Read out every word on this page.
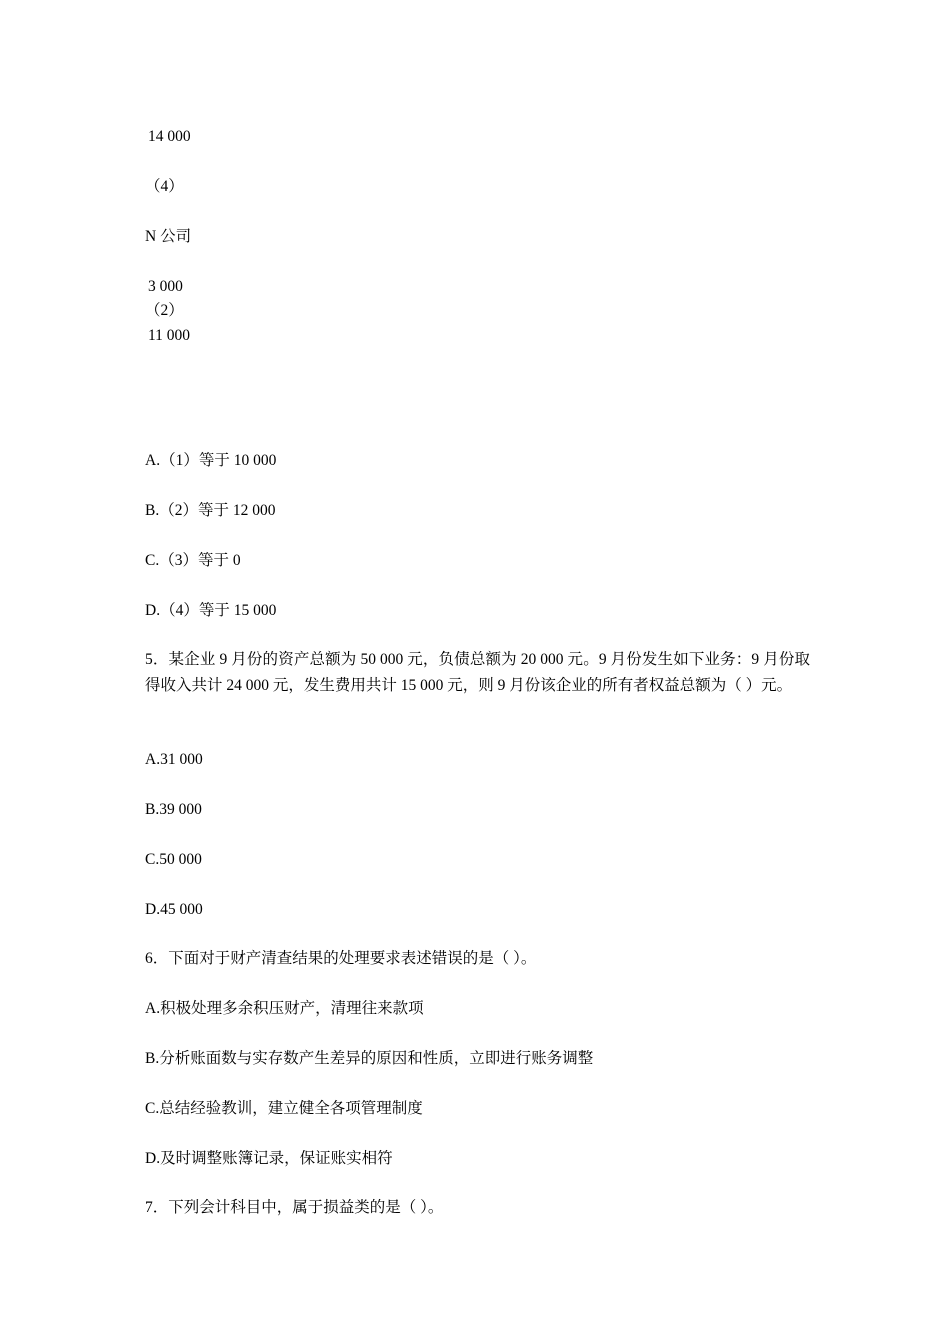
14 000
（4）
N 公司
3 000
（2）
11 000
A.（1）等于 10 000
B.（2）等于 12 000
C.（3）等于 0
D.（4）等于 15 000
5．某企业 9 月份的资产总额为 50 000 元，负债总额为 20 000 元。9 月份发生如下业务：9 月份取得收入共计 24 000 元，发生费用共计 15 000 元，则 9 月份该企业的所有者权益总额为（ ）元。
A.31 000
B.39 000
C.50 000
D.45 000
6．下面对于财产清查结果的处理要求表述错误的是（ ）。
A.积极处理多余积压财产，清理往来款项
B.分析账面数与实存数产生差异的原因和性质，立即进行账务调整
C.总结经验教训，建立健全各项管理制度
D.及时调整账簿记录，保证账实相符
7．下列会计科目中，属于损益类的是（ ）。
